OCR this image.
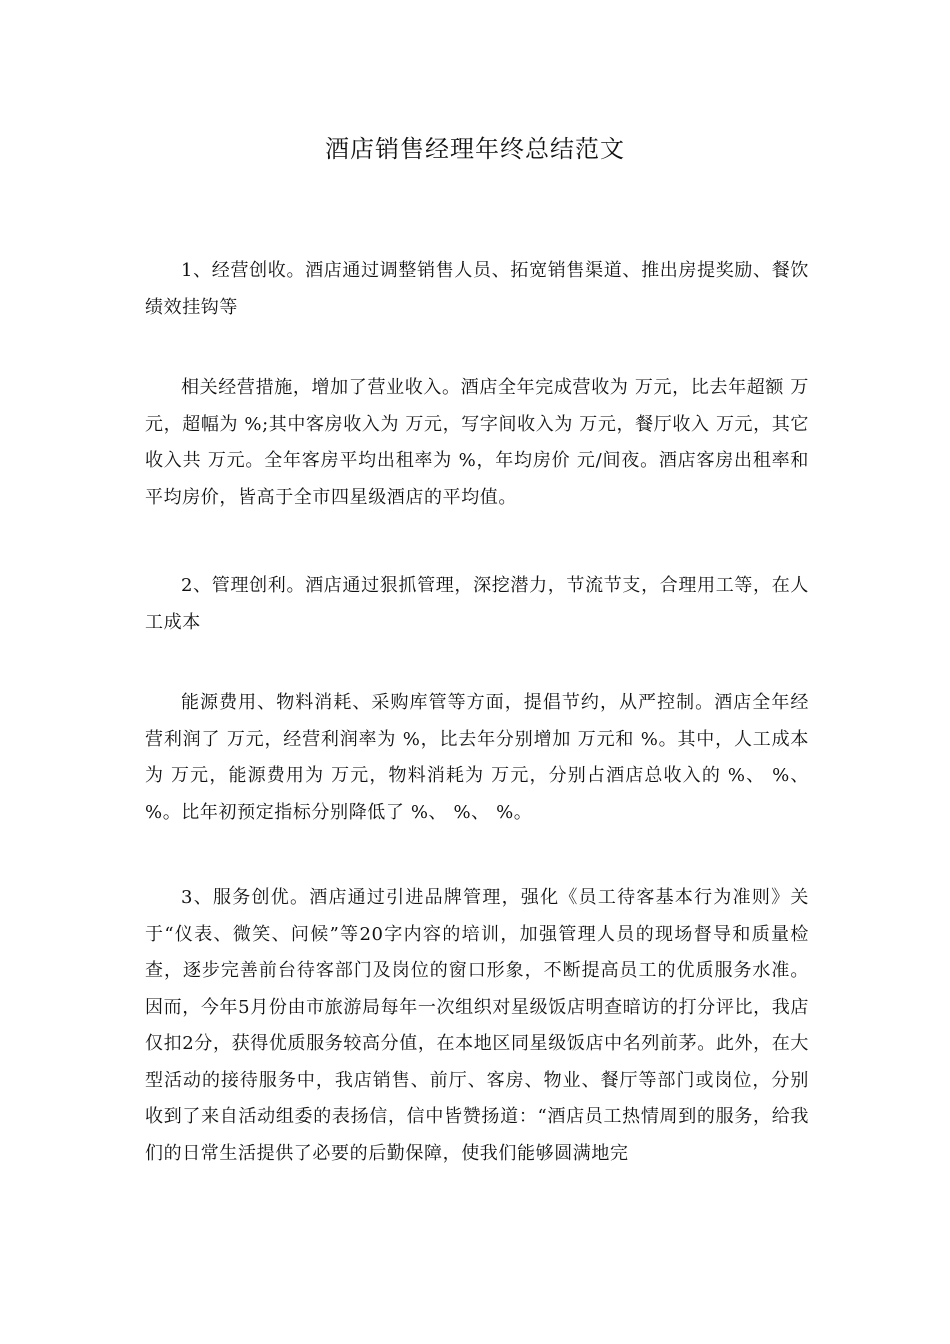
酒店销售经理年终总结范文

1、经营创收。酒店通过调整销售人员、拓宽销售渠道、推出房提奖励、餐饮绩效挂钩等

相关经营措施，增加了营业收入。酒店全年完成营收为 万元，比去年超额 万元，超幅为 %;其中客房收入为 万元，写字间收入为 万元，餐厅收入 万元，其它收入共 万元。全年客房平均出租率为 %，年均房价 元/间夜。酒店客房出租率和平均房价，皆高于全市四星级酒店的平均值。

2、管理创利。酒店通过狠抓管理，深挖潜力，节流节支，合理用工等，在人工成本

能源费用、物料消耗、采购库管等方面，提倡节约，从严控制。酒店全年经营利润了 万元，经营利润率为 %，比去年分别增加 万元和 %。其中，人工成本为 万元，能源费用为 万元，物料消耗为 万元，分别占酒店总收入的 %、 %、 %。比年初预定指标分别降低了 %、 %、 %。

3、服务创优。酒店通过引进品牌管理，强化《员工待客基本行为准则》关于“仪表、微笑、问候”等20字内容的培训，加强管理人员的现场督导和质量检查，逐步完善前台待客部门及岗位的窗口形象，不断提高员工的优质服务水准。因而，今年5月份由市旅游局每年一次组织对星级饭店明查暗访的打分评比，我店仅扣2分，获得优质服务较高分值，在本地区同星级饭店中名列前茅。此外，在大型活动的接待服务中，我店销售、前厅、客房、物业、餐厅等部门或岗位，分别收到了来自活动组委的表扬信，信中皆赞扬道：“酒店员工热情周到的服务，给我们的日常生活提供了必要的后勤保障，使我们能够圆满地完
